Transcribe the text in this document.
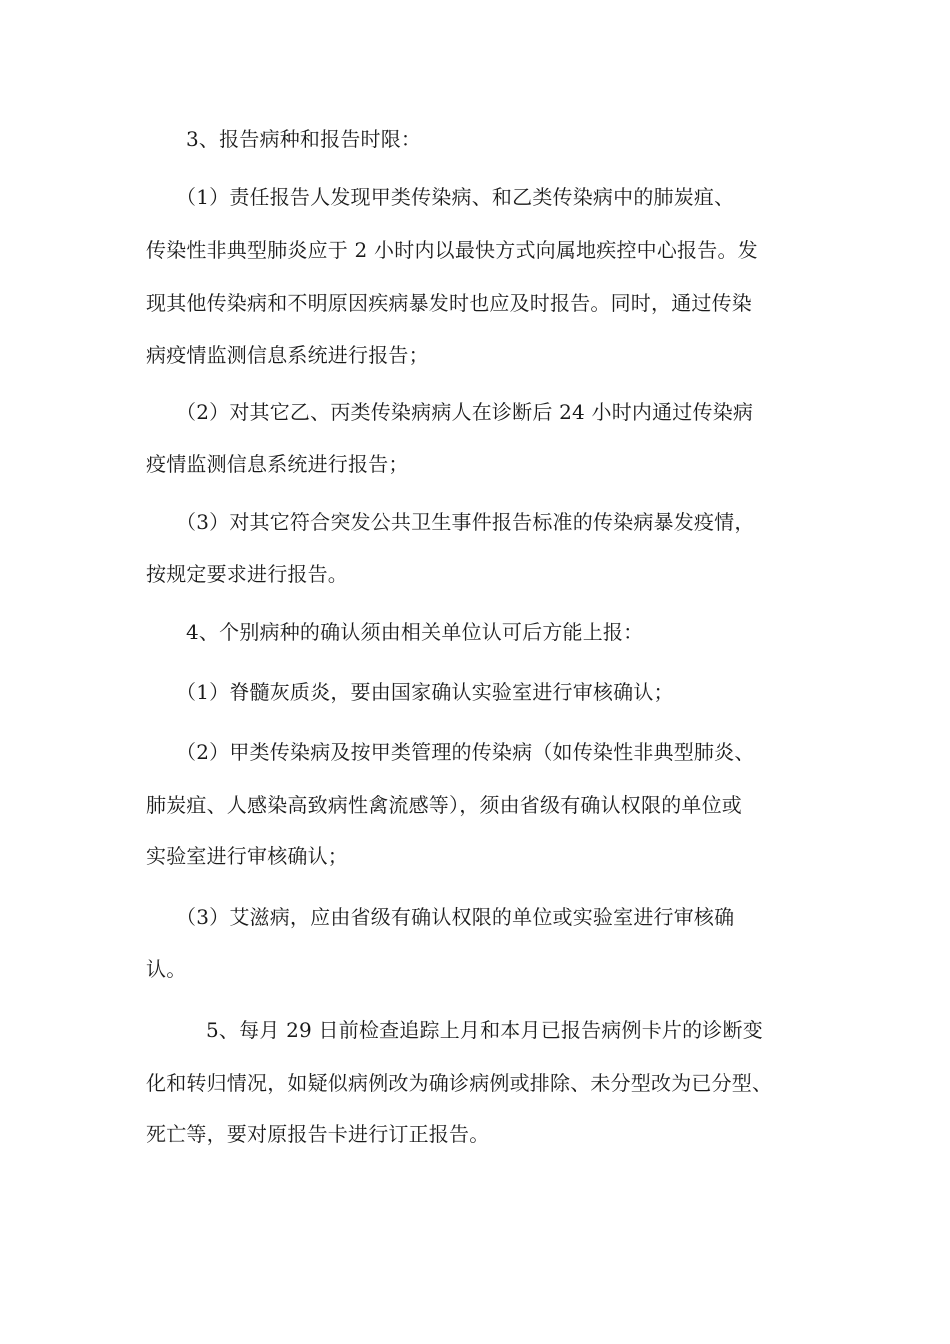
3、报告病种和报告时限：
（1）责任报告人发现甲类传染病、和乙类传染病中的肺炭疽、
传染性非典型肺炎应于 2 小时内以最快方式向属地疾控中心报告。发
现其他传染病和不明原因疾病暴发时也应及时报告。同时，通过传染
病疫情监测信息系统进行报告；
（2）对其它乙、丙类传染病病人在诊断后 24 小时内通过传染病
疫情监测信息系统进行报告；
（3）对其它符合突发公共卫生事件报告标准的传染病暴发疫情，
按规定要求进行报告。
4、个别病种的确认须由相关单位认可后方能上报：
（1）脊髓灰质炎，要由国家确认实验室进行审核确认；
（2）甲类传染病及按甲类管理的传染病（如传染性非典型肺炎、
肺炭疽、人感染高致病性禽流感等），须由省级有确认权限的单位或
实验室进行审核确认；
（3）艾滋病，应由省级有确认权限的单位或实验室进行审核确
认。
5、每月 29 日前检查追踪上月和本月已报告病例卡片的诊断变
化和转归情况，如疑似病例改为确诊病例或排除、未分型改为已分型、
死亡等，要对原报告卡进行订正报告。
